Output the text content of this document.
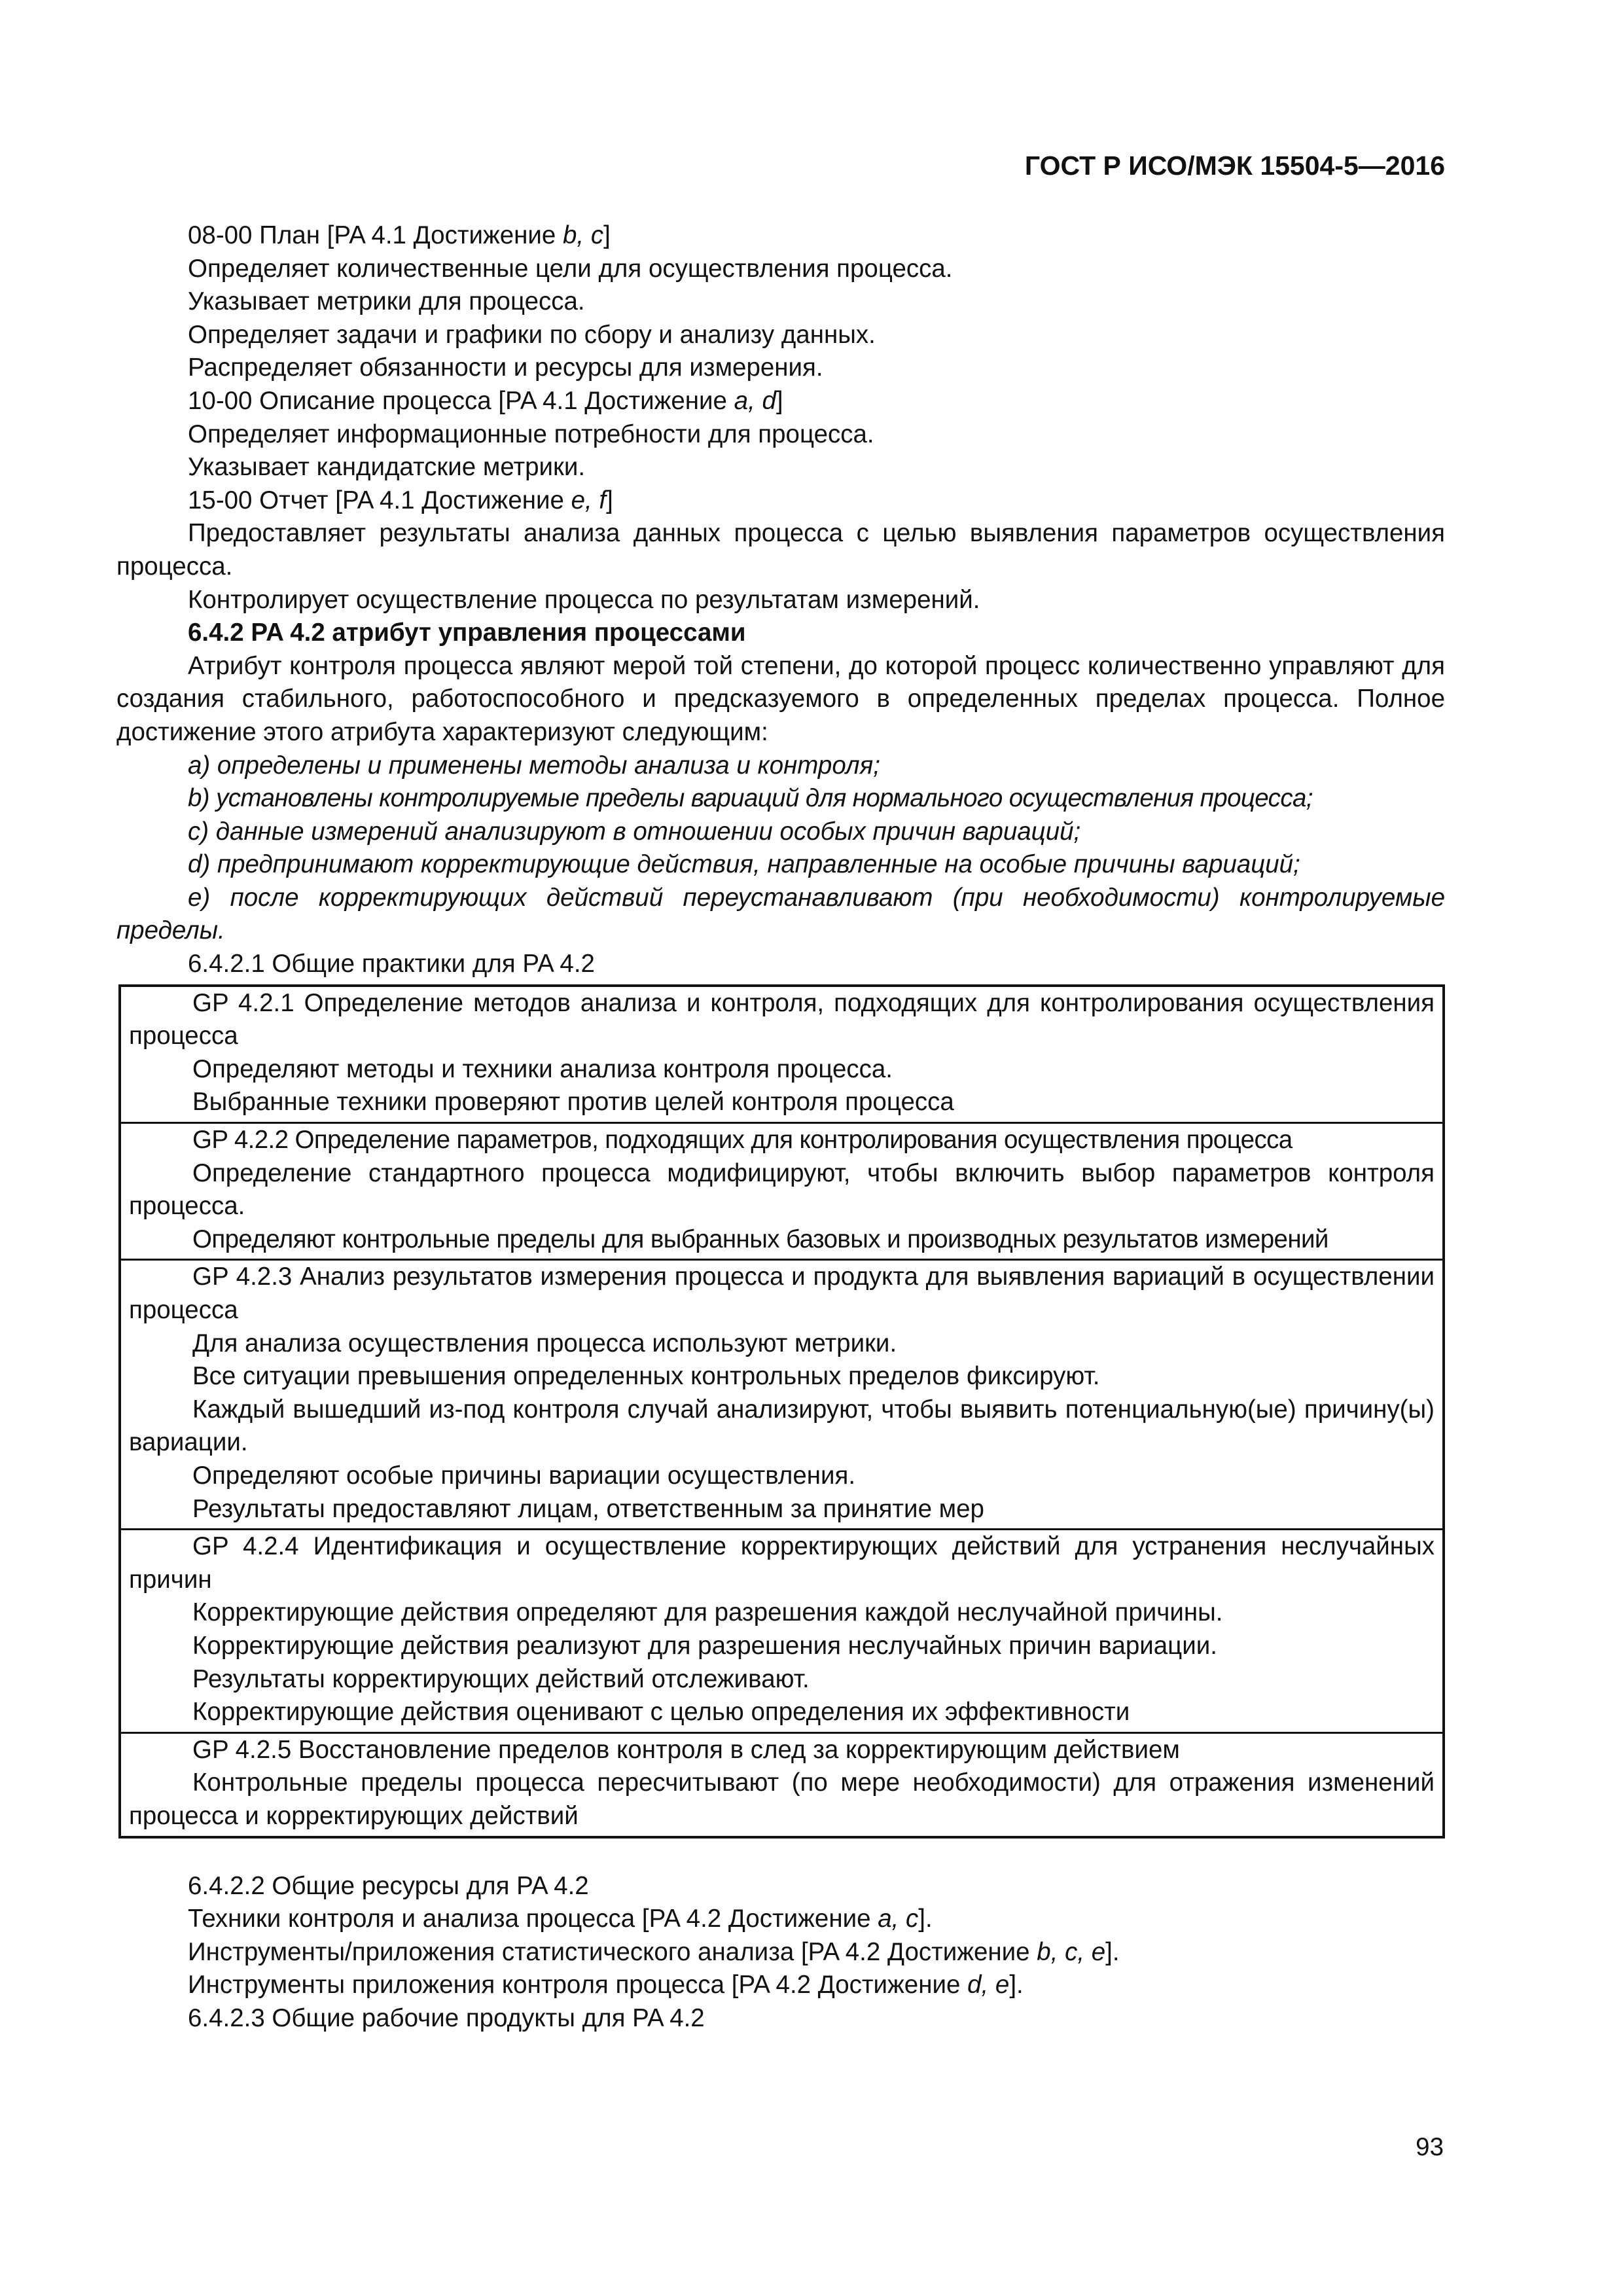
ГОСТ Р ИСО/МЭК 15504-5—2016

08-00 План [PA 4.1 Достижение b, c]

Определяет количественные цели для осуществления процесса.

Указывает метрики для процесса.

Определяет задачи и графики по сбору и анализу данных.

Распределяет обязанности и ресурсы для измерения.

10-00 Описание процесса [PA 4.1 Достижение a, d]

Определяет информационные потребности для процесса.

Указывает кандидатские метрики.

15-00 Отчет [PA 4.1 Достижение e, f]

Предоставляет результаты анализа данных процесса с целью выявления параметров осуществления процесса.

Контролирует осуществление процесса по результатам измерений.

6.4.2 PA 4.2 атрибут управления процессами

Атрибут контроля процесса являют мерой той степени, до которой процесс количественно управляют для создания стабильного, работоспособного и предсказуемого в определенных пределах процесса. Полное достижение этого атрибута характеризуют следующим:

a) определены и применены методы анализа и контроля;

b) установлены контролируемые пределы вариаций для нормального осуществления процесса;

c) данные измерений анализируют в отношении особых причин вариаций;

d) предпринимают корректирующие действия, направленные на особые причины вариаций;

e) после корректирующих действий переустанавливают (при необходимости) контролируемые пределы.

6.4.2.1 Общие практики для PA 4.2

GP 4.2.1 Определение методов анализа и контроля, подходящих для контролирования осуществления процесса

Определяют методы и техники анализа контроля процесса.

Выбранные техники проверяют против целей контроля процесса

GP 4.2.2 Определение параметров, подходящих для контролирования осуществления процесса

Определение стандартного процесса модифицируют, чтобы включить выбор параметров контроля процесса.

Определяют контрольные пределы для выбранных базовых и производных результатов измерений

GP 4.2.3 Анализ результатов измерения процесса и продукта для выявления вариаций в осуществлении процесса

Для анализа осуществления процесса используют метрики.

Все ситуации превышения определенных контрольных пределов фиксируют.

Каждый вышедший из-под контроля случай анализируют, чтобы выявить потенциальную(ые) причину(ы) вариации.

Определяют особые причины вариации осуществления.

Результаты предоставляют лицам, ответственным за принятие мер

GP 4.2.4 Идентификация и осуществление корректирующих действий для устранения неслучайных причин

Корректирующие действия определяют для разрешения каждой неслучайной причины.

Корректирующие действия реализуют для разрешения неслучайных причин вариации.

Результаты корректирующих действий отслеживают.

Корректирующие действия оценивают с целью определения их эффективности

GP 4.2.5 Восстановление пределов контроля в след за корректирующим действием

Контрольные пределы процесса пересчитывают (по мере необходимости) для отражения изменений процесса и корректирующих действий

6.4.2.2 Общие ресурсы для PA 4.2

Техники контроля и анализа процесса [PA 4.2 Достижение a, c].

Инструменты/приложения статистического анализа [PA 4.2 Достижение b, c, e].

Инструменты приложения контроля процесса [PA 4.2 Достижение d, e].

6.4.2.3 Общие рабочие продукты для PA 4.2

93
